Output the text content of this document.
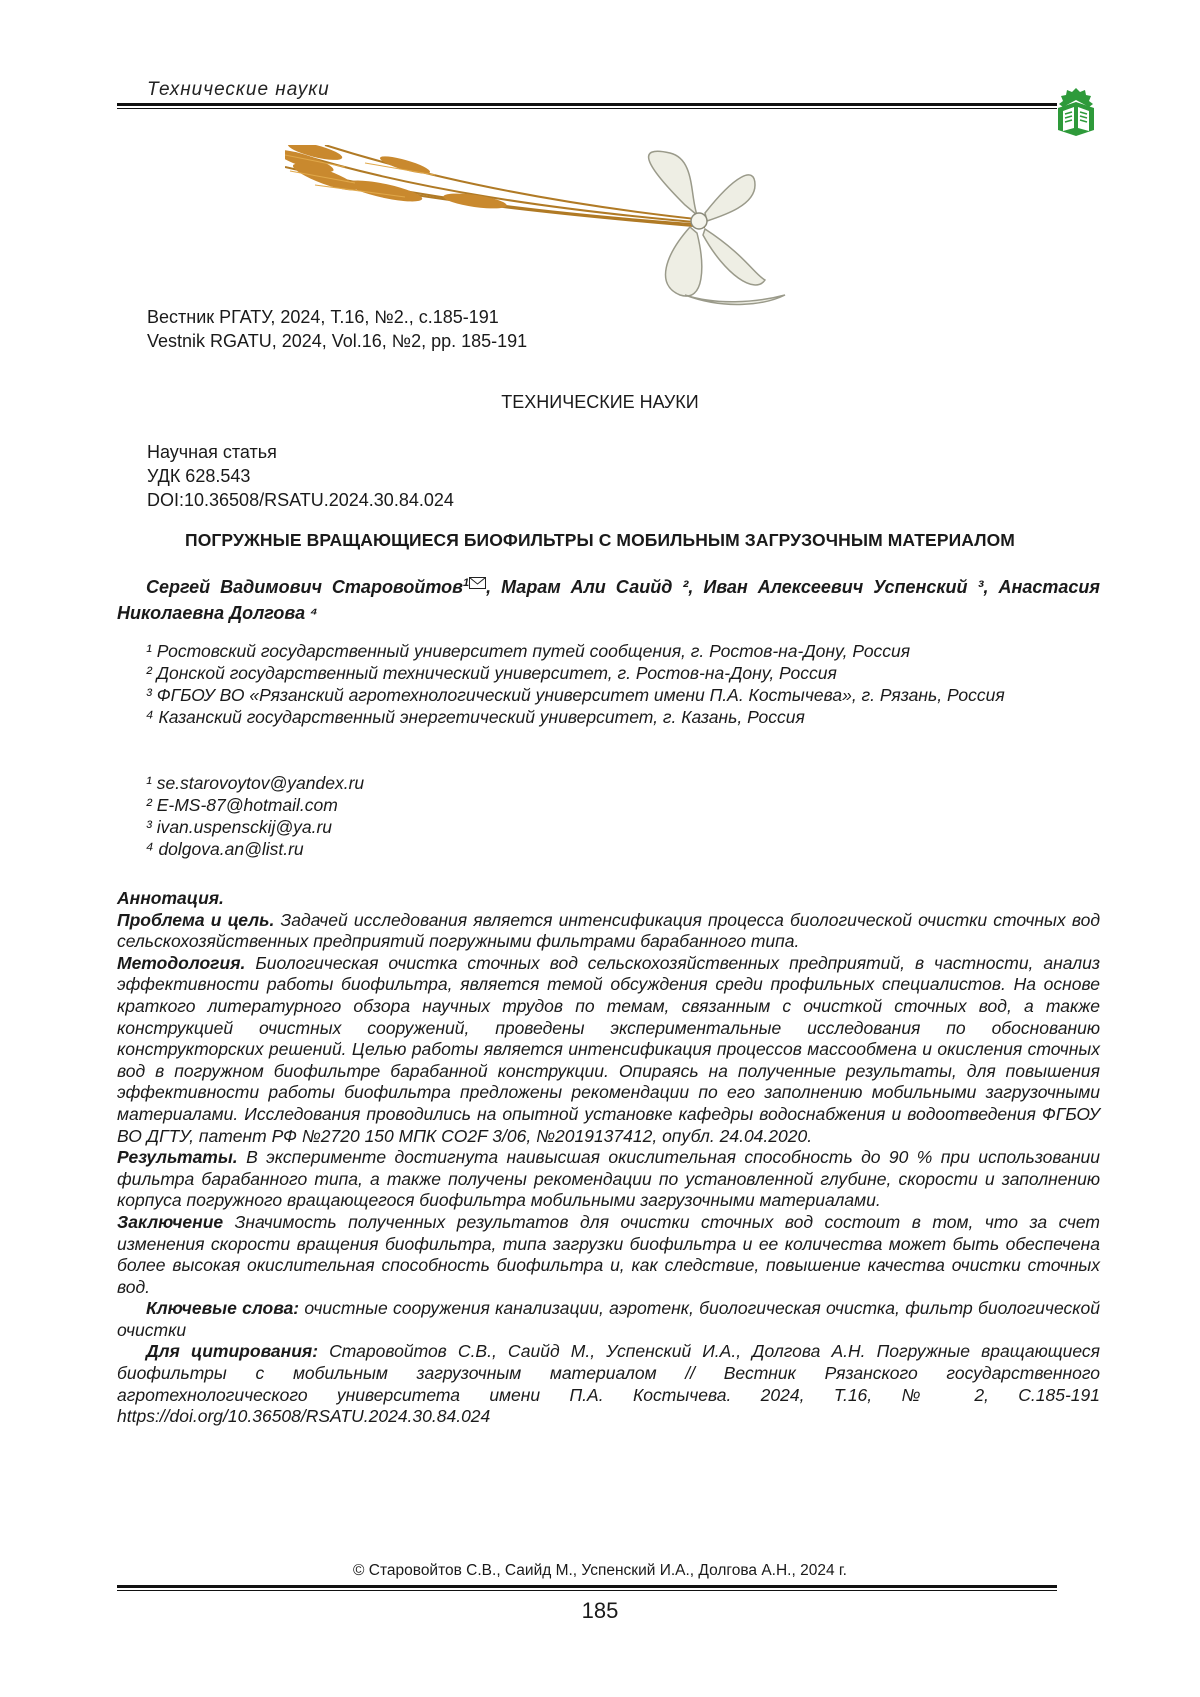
Технические науки
Вестник РГАТУ, 2024, Т.16, №2., с.185-191
Vestnik RGATU, 2024, Vol.16, №2, pp. 185-191
ТЕХНИЧЕСКИЕ НАУКИ
Научная статья
УДК 628.543
DOI:10.36508/RSATU.2024.30.84.024
ПОГРУЖНЫЕ ВРАЩАЮЩИЕСЯ БИОФИЛЬТРЫ С МОБИЛЬНЫМ ЗАГРУЗОЧНЫМ МАТЕРИАЛОМ
Сергей Вадимович Старовойтов$^1$ , Марам Али Саийд ², Иван Алексеевич Успенский ³, Анастасия Николаевна Долгова ⁴
¹ Ростовский государственный университет путей сообщения, г. Ростов-на-Дону, Россия
² Донской государственный технический университет, г. Ростов-на-Дону, Россия
³ ФГБОУ ВО «Рязанский агротехнологический университет имени П.А. Костычева», г. Рязань, Россия
⁴ Казанский государственный энергетический университет, г. Казань, Россия
¹ se.starovoytov@yandex.ru
² E-MS-87@hotmail.com
³ ivan.uspensckij@ya.ru
⁴ dolgova.an@list.ru
Аннотация.
Проблема и цель. Задачей исследования является интенсификация процесса биологической очистки сточных вод сельскохозяйственных предприятий погружными фильтрами барабанного типа.
Методология. Биологическая очистка сточных вод сельскохозяйственных предприятий, в частности, анализ эффективности работы биофильтра, является темой обсуждения среди профильных специалистов. На основе краткого литературного обзора научных трудов по темам, связанным с очисткой сточных вод, а также конструкцией очистных сооружений, проведены экспериментальные исследования по обоснованию конструкторских решений. Целью работы является интенсификация процессов массообмена и окисления сточных вод в погружном биофильтре барабанной конструкции. Опираясь на полученные результаты, для повышения эффективности работы биофильтра предложены рекомендации по его заполнению мобильными загрузочными материалами. Исследования проводились на опытной установке кафедры водоснабжения и водоотведения ФГБОУ ВО ДГТУ, патент РФ №2720 150 МПК CO2F 3/06, №2019137412, опубл. 24.04.2020.
Результаты. В эксперименте достигнута наивысшая окислительная способность до 90 % при использовании фильтра барабанного типа, а также получены рекомендации по установленной глубине, скорости и заполнению корпуса погружного вращающегося биофильтра мобильными загрузочными материалами.
Заключение Значимость полученных результатов для очистки сточных вод состоит в том, что за счет изменения скорости вращения биофильтра, типа загрузки биофильтра и ее количества может быть обеспечена более высокая окислительная способность биофильтра и, как следствие, повышение качества очистки сточных вод.
Ключевые слова: очистные сооружения канализации, аэротенк, биологическая очистка, фильтр биологической очистки
Для цитирования: Старовойтов С.В., Саийд М., Успенский И.А., Долгова А.Н. Погружные вращающиеся биофильтры с мобильным загрузочным материалом // Вестник Рязанского государственного агротехнологического университета имени П.А. Костычева. 2024, Т.16, № 2, С.185-191 https://doi.org/10.36508/RSATU.2024.30.84.024
© Старовойтов С.В., Саийд М., Успенский И.А., Долгова А.Н., 2024 г.
185
